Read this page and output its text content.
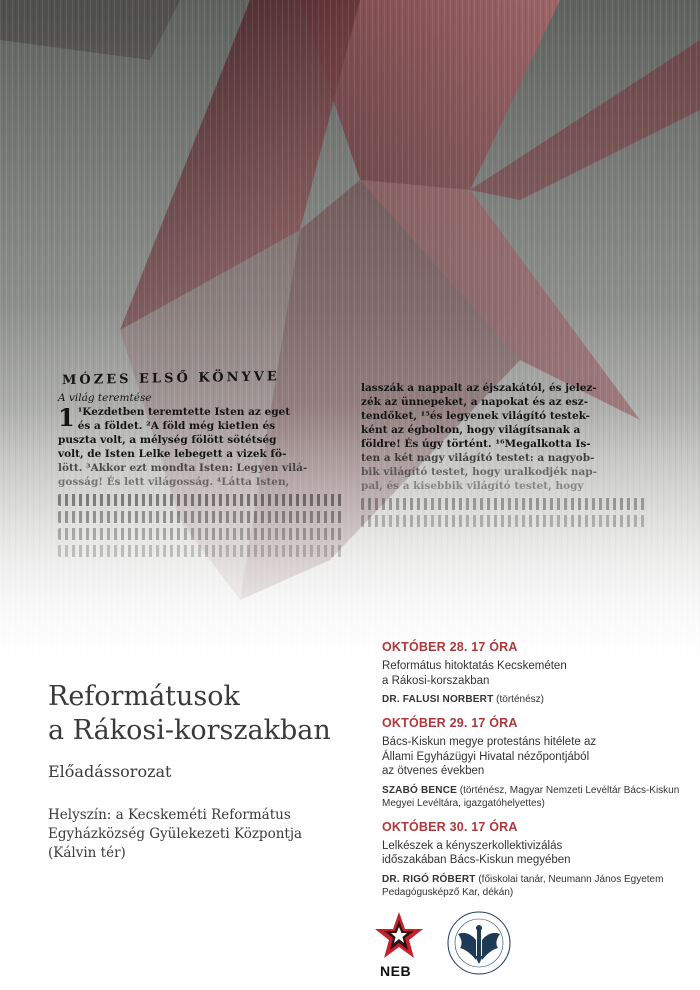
MÓZES ELSŐ KÖNYVE
A világ teremtése
1 ¹Kezdetben teremtette Isten az eget
és a földet. ²A föld még kietlen és
puszta volt, a mélység fölött sötétség
volt, de Isten Lelke lebegett a vizek fö-
lött. ³Akkor ezt mondta Isten: Legyen vilá-
gosság! És lett világosság. ⁴Látta Isten,
lasszák a nappalt az éjszakától, és jelez-
zék az ünnepeket, a napokat és az esz-
tendőket, ¹⁵és legyenek világító testek-
ként az égbolton, hogy világítsanak a
földre! És úgy történt. ¹⁶Megalkotta Is-
ten a két nagy világító testet: a nagyob-
bik világító testet, hogy uralkodjék nap-
pal, és a kisebbik világító testet, hogy
Reformátusok
a Rákosi-korszakban
Előadássorozat
Helyszín: a Kecskeméti Református
Egyházközség Gyülekezeti Központja
(Kálvin tér)
OKTÓBER 28. 17 ÓRA
Református hitoktatás Kecskeméten
a Rákosi-korszakban
DR. FALUSI NORBERT (történész)
OKTÓBER 29. 17 ÓRA
Bács-Kiskun megye protestáns hitélete az
Állami Egyházügyi Hivatal nézőpontjából
az ötvenes években
SZABÓ BENCE (történész, Magyar Nemzeti Levéltár Bács-Kiskun Megyei Levéltára, igazgatóhelyettes)
OKTÓBER 30. 17 ÓRA
Lelkészek a kényszerkollektivizálás
időszakában Bács-Kiskun megyében
DR. RIGÓ RÓBERT (főiskolai tanár, Neumann János Egyetem Pedagógusképző Kar, dékán)
NEB
